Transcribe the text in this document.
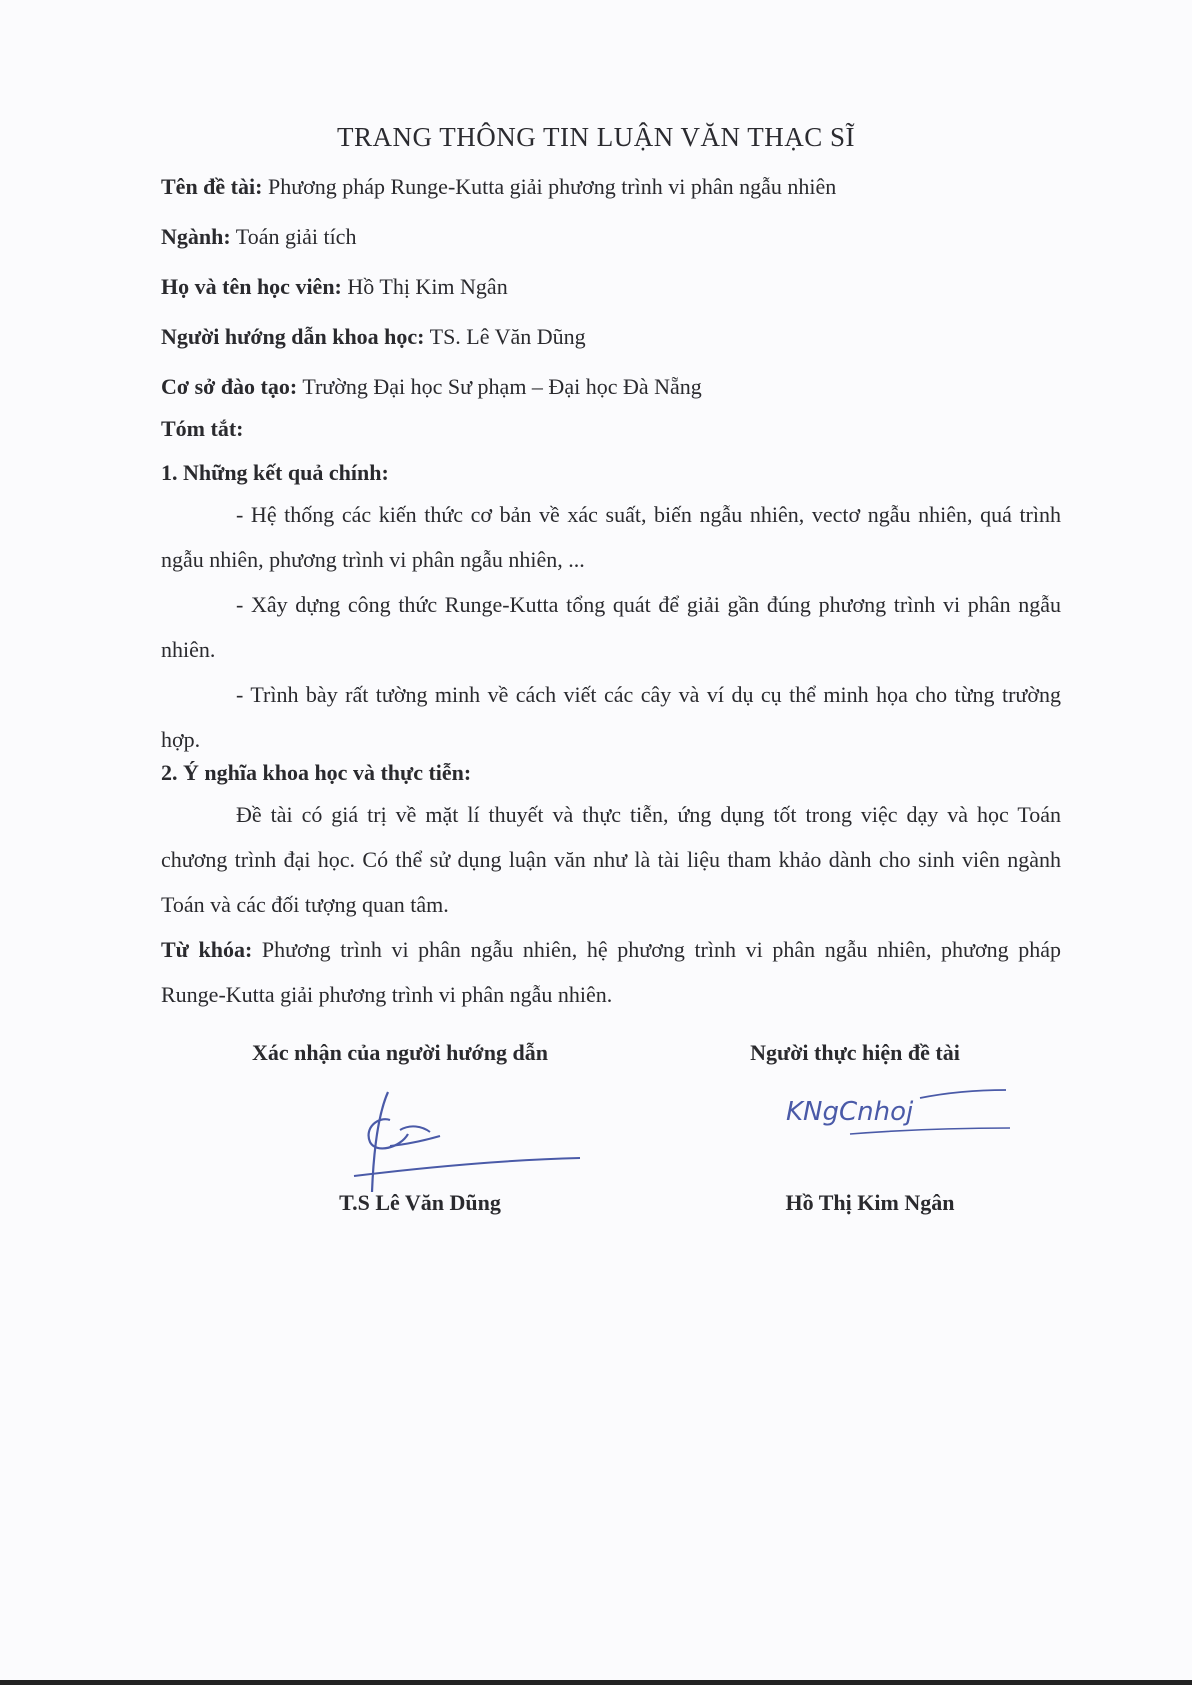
TRANG THÔNG TIN LUẬN VĂN THẠC SĨ
Tên đề tài: Phương pháp Runge-Kutta giải phương trình vi phân ngẫu nhiên
Ngành: Toán giải tích
Họ và tên học viên: Hồ Thị Kim Ngân
Người hướng dẫn khoa học: TS. Lê Văn Dũng
Cơ sở đào tạo: Trường Đại học Sư phạm – Đại học Đà Nẵng
Tóm tắt:
1. Những kết quả chính:
- Hệ thống các kiến thức cơ bản về xác suất, biến ngẫu nhiên, vectơ ngẫu nhiên, quá trình ngẫu nhiên, phương trình vi phân ngẫu nhiên, ...
- Xây dựng công thức Runge-Kutta tổng quát để giải gần đúng phương trình vi phân ngẫu nhiên.
- Trình bày rất tường minh về cách viết các cây và ví dụ cụ thể minh họa cho từng trường hợp.
2. Ý nghĩa khoa học và thực tiễn:
Đề tài có giá trị về mặt lí thuyết và thực tiễn, ứng dụng tốt trong việc dạy và học Toán chương trình đại học. Có thể sử dụng luận văn như là tài liệu tham khảo dành cho sinh viên ngành Toán và các đối tượng quan tâm.
Từ khóa: Phương trình vi phân ngẫu nhiên, hệ phương trình vi phân ngẫu nhiên, phương pháp Runge-Kutta giải phương trình vi phân ngẫu nhiên.
Xác nhận của người hướng dẫn	Người thực hiện đề tài
KNgCnhoj
T.S Lê Văn Dũng	Hồ Thị Kim Ngân
